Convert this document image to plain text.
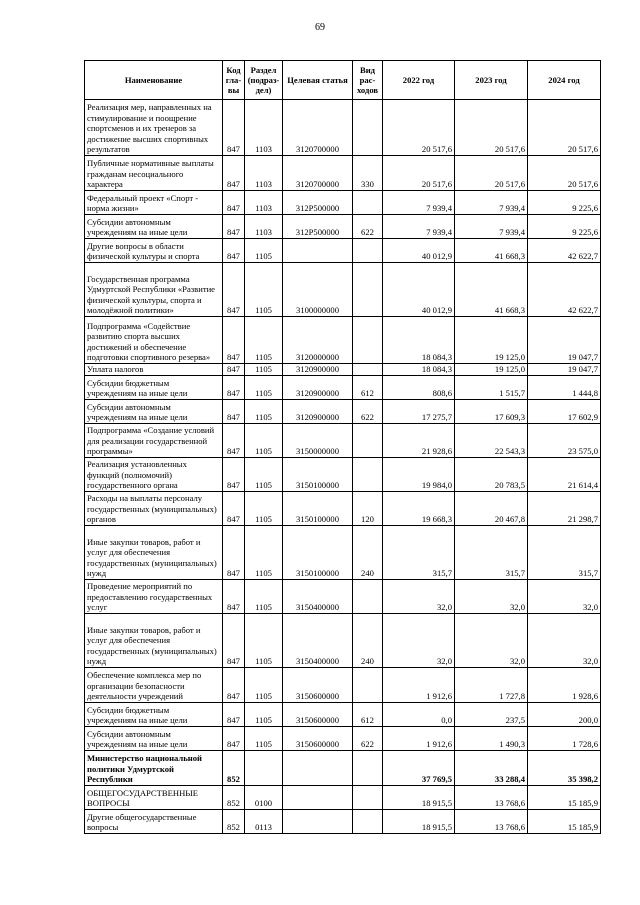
69
Наименование	Код гла- вы	Раздел (подраз- дел)	Целевая статья	Вид рас- ходов	2022 год	2023 год	2024 год
Реализация мер, направленных на стимулирование и поощрение спортсменов и их тренеров за достижение высших спортивных результатов	847	1103	3120700000		20 517,6	20 517,6	20 517,6
Публичные нормативные выплаты гражданам несоциального характера	847	1103	3120700000	330	20 517,6	20 517,6	20 517,6
Федеральный проект «Спорт - норма жизни»	847	1103	312P500000		7 939,4	7 939,4	9 225,6
Субсидии автономным учреждениям на иные цели	847	1103	312P500000	622	7 939,4	7 939,4	9 225,6
Другие вопросы в области физической культуры и спорта	847	1105			40 012,9	41 668,3	42 622,7
Государственная программа Удмуртской Республики «Развитие физической культуры, спорта и молодёжной политики»	847	1105	3100000000		40 012,9	41 668,3	42 622,7
Подпрограмма «Содействие развитию спорта высших достижений и обеспечение подготовки спортивного резерва»	847	1105	3120000000		18 084,3	19 125,0	19 047,7
Уплата налогов	847	1105	3120900000		18 084,3	19 125,0	19 047,7
Субсидии бюджетным учреждениям на иные цели	847	1105	3120900000	612	808,6	1 515,7	1 444,8
Субсидии автономным учреждениям на иные цели	847	1105	3120900000	622	17 275,7	17 609,3	17 602,9
Подпрограмма «Создание условий для реализации государственной программы»	847	1105	3150000000		21 928,6	22 543,3	23 575,0
Реализация установленных функций (полномочий) государственного органа	847	1105	3150100000		19 984,0	20 783,5	21 614,4
Расходы на выплаты персоналу государственных (муниципальных) органов	847	1105	3150100000	120	19 668,3	20 467,8	21 298,7
Иные закупки товаров, работ и услуг для обеспечения государственных (муниципальных) нужд	847	1105	3150100000	240	315,7	315,7	315,7
Проведение мероприятий по предоставлению государственных услуг	847	1105	3150400000		32,0	32,0	32,0
Иные закупки товаров, работ и услуг для обеспечения государственных (муниципальных) нужд	847	1105	3150400000	240	32,0	32,0	32,0
Обеспечение комплекса мер по организации безопасности деятельности учреждений	847	1105	3150600000		1 912,6	1 727,8	1 928,6
Субсидии бюджетным учреждениям на иные цели	847	1105	3150600000	612	0,0	237,5	200,0
Субсидии автономным учреждениям на иные цели	847	1105	3150600000	622	1 912,6	1 490,3	1 728,6
Министерство национальной политики Удмуртской Республики	852				37 769,5	33 288,4	35 398,2
ОБЩЕГОСУДАРСТВЕННЫЕ ВОПРОСЫ	852	0100			18 915,5	13 768,6	15 185,9
Другие общегосударственные вопросы	852	0113			18 915,5	13 768,6	15 185,9
